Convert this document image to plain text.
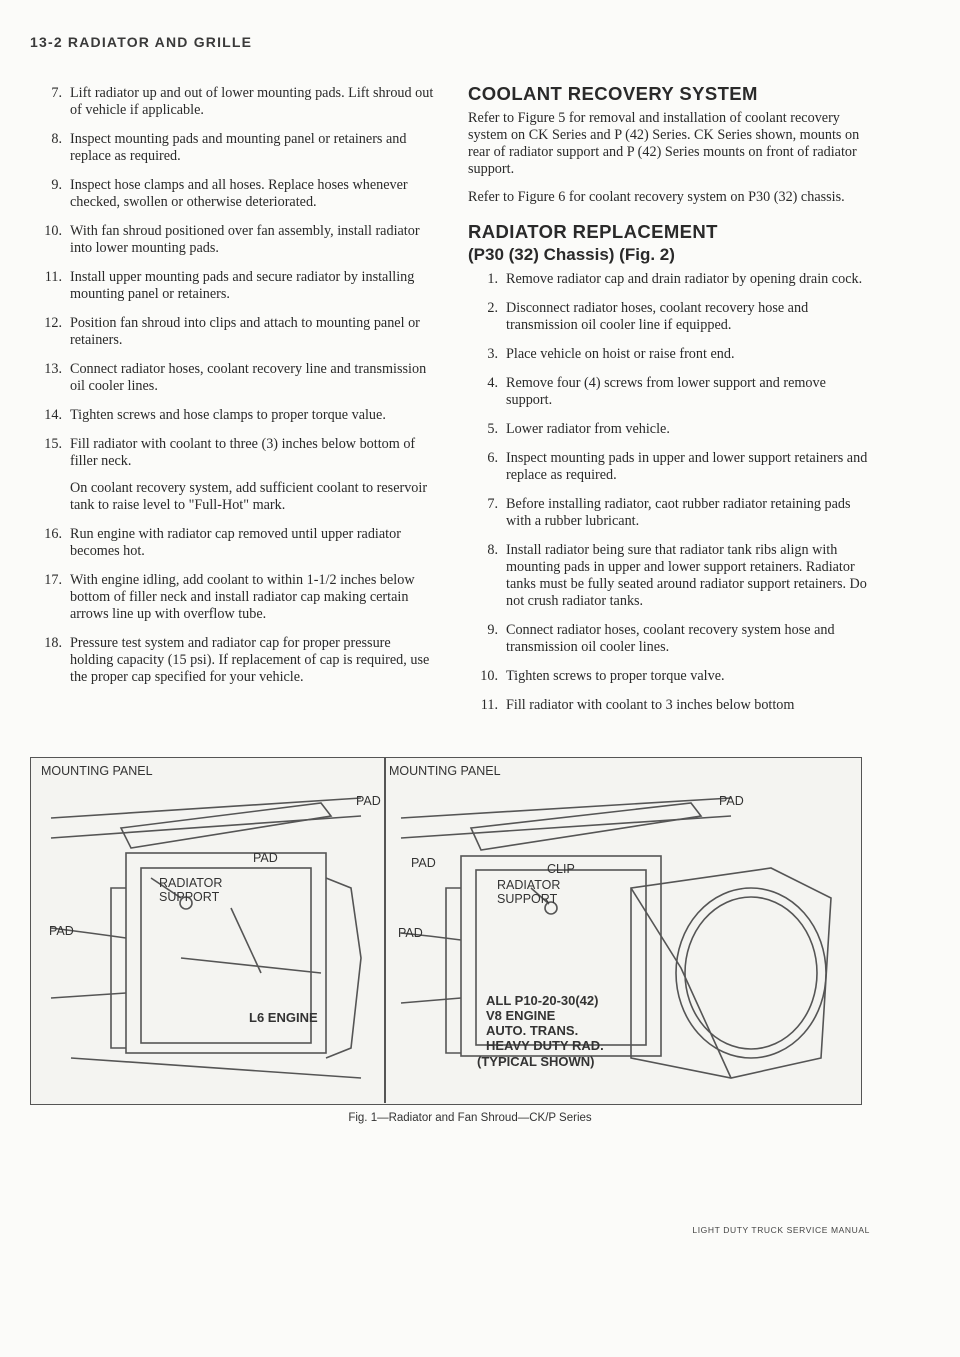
13-2 RADIATOR AND GRILLE
7. Lift radiator up and out of lower mounting pads. Lift shroud out of vehicle if applicable.
8. Inspect mounting pads and mounting panel or retainers and replace as required.
9. Inspect hose clamps and all hoses. Replace hoses whenever checked, swollen or otherwise deteriorated.
10. With fan shroud positioned over fan assembly, install radiator into lower mounting pads.
11. Install upper mounting pads and secure radiator by installing mounting panel or retainers.
12. Position fan shroud into clips and attach to mounting panel or retainers.
13. Connect radiator hoses, coolant recovery line and transmission oil cooler lines.
14. Tighten screws and hose clamps to proper torque value.
15. Fill radiator with coolant to three (3) inches below bottom of filler neck.
On coolant recovery system, add sufficient coolant to reservoir tank to raise level to "Full-Hot" mark.
16. Run engine with radiator cap removed until upper radiator becomes hot.
17. With engine idling, add coolant to within 1-1/2 inches below bottom of filler neck and install radiator cap making certain arrows line up with overflow tube.
18. Pressure test system and radiator cap for proper pressure holding capacity (15 psi). If replacement of cap is required, use the proper cap specified for your vehicle.
COOLANT RECOVERY SYSTEM
Refer to Figure 5 for removal and installation of coolant recovery system on CK Series and P (42) Series. CK Series shown, mounts on rear of radiator support and P (42) Series mounts on front of radiator support.
Refer to Figure 6 for coolant recovery system on P30 (32) chassis.
RADIATOR REPLACEMENT
(P30 (32) Chassis) (Fig. 2)
1. Remove radiator cap and drain radiator by opening drain cock.
2. Disconnect radiator hoses, coolant recovery hose and transmission oil cooler line if equipped.
3. Place vehicle on hoist or raise front end.
4. Remove four (4) screws from lower support and remove support.
5. Lower radiator from vehicle.
6. Inspect mounting pads in upper and lower support retainers and replace as required.
7. Before installing radiator, caot rubber radiator retaining pads with a rubber lubricant.
8. Install radiator being sure that radiator tank ribs align with mounting pads in upper and lower support retainers. Radiator tanks must be fully seated around radiator support retainers. Do not crush radiator tanks.
9. Connect radiator hoses, coolant recovery system hose and transmission oil cooler lines.
10. Tighten screws to proper torque valve.
11. Fill radiator with coolant to 3 inches below bottom
MOUNTING PANEL
PAD
PAD
RADIATOR
SUPPORT
PAD
L6 ENGINE
MOUNTING PANEL
PAD
PAD	CLIP
RADIATOR
SUPPORT
PAD
ALL P10-20-30(42)
V8 ENGINE
AUTO. TRANS.
HEAVY DUTY RAD.
(TYPICAL SHOWN)
Fig. 1—Radiator and Fan Shroud—CK/P Series
LIGHT DUTY TRUCK SERVICE MANUAL
